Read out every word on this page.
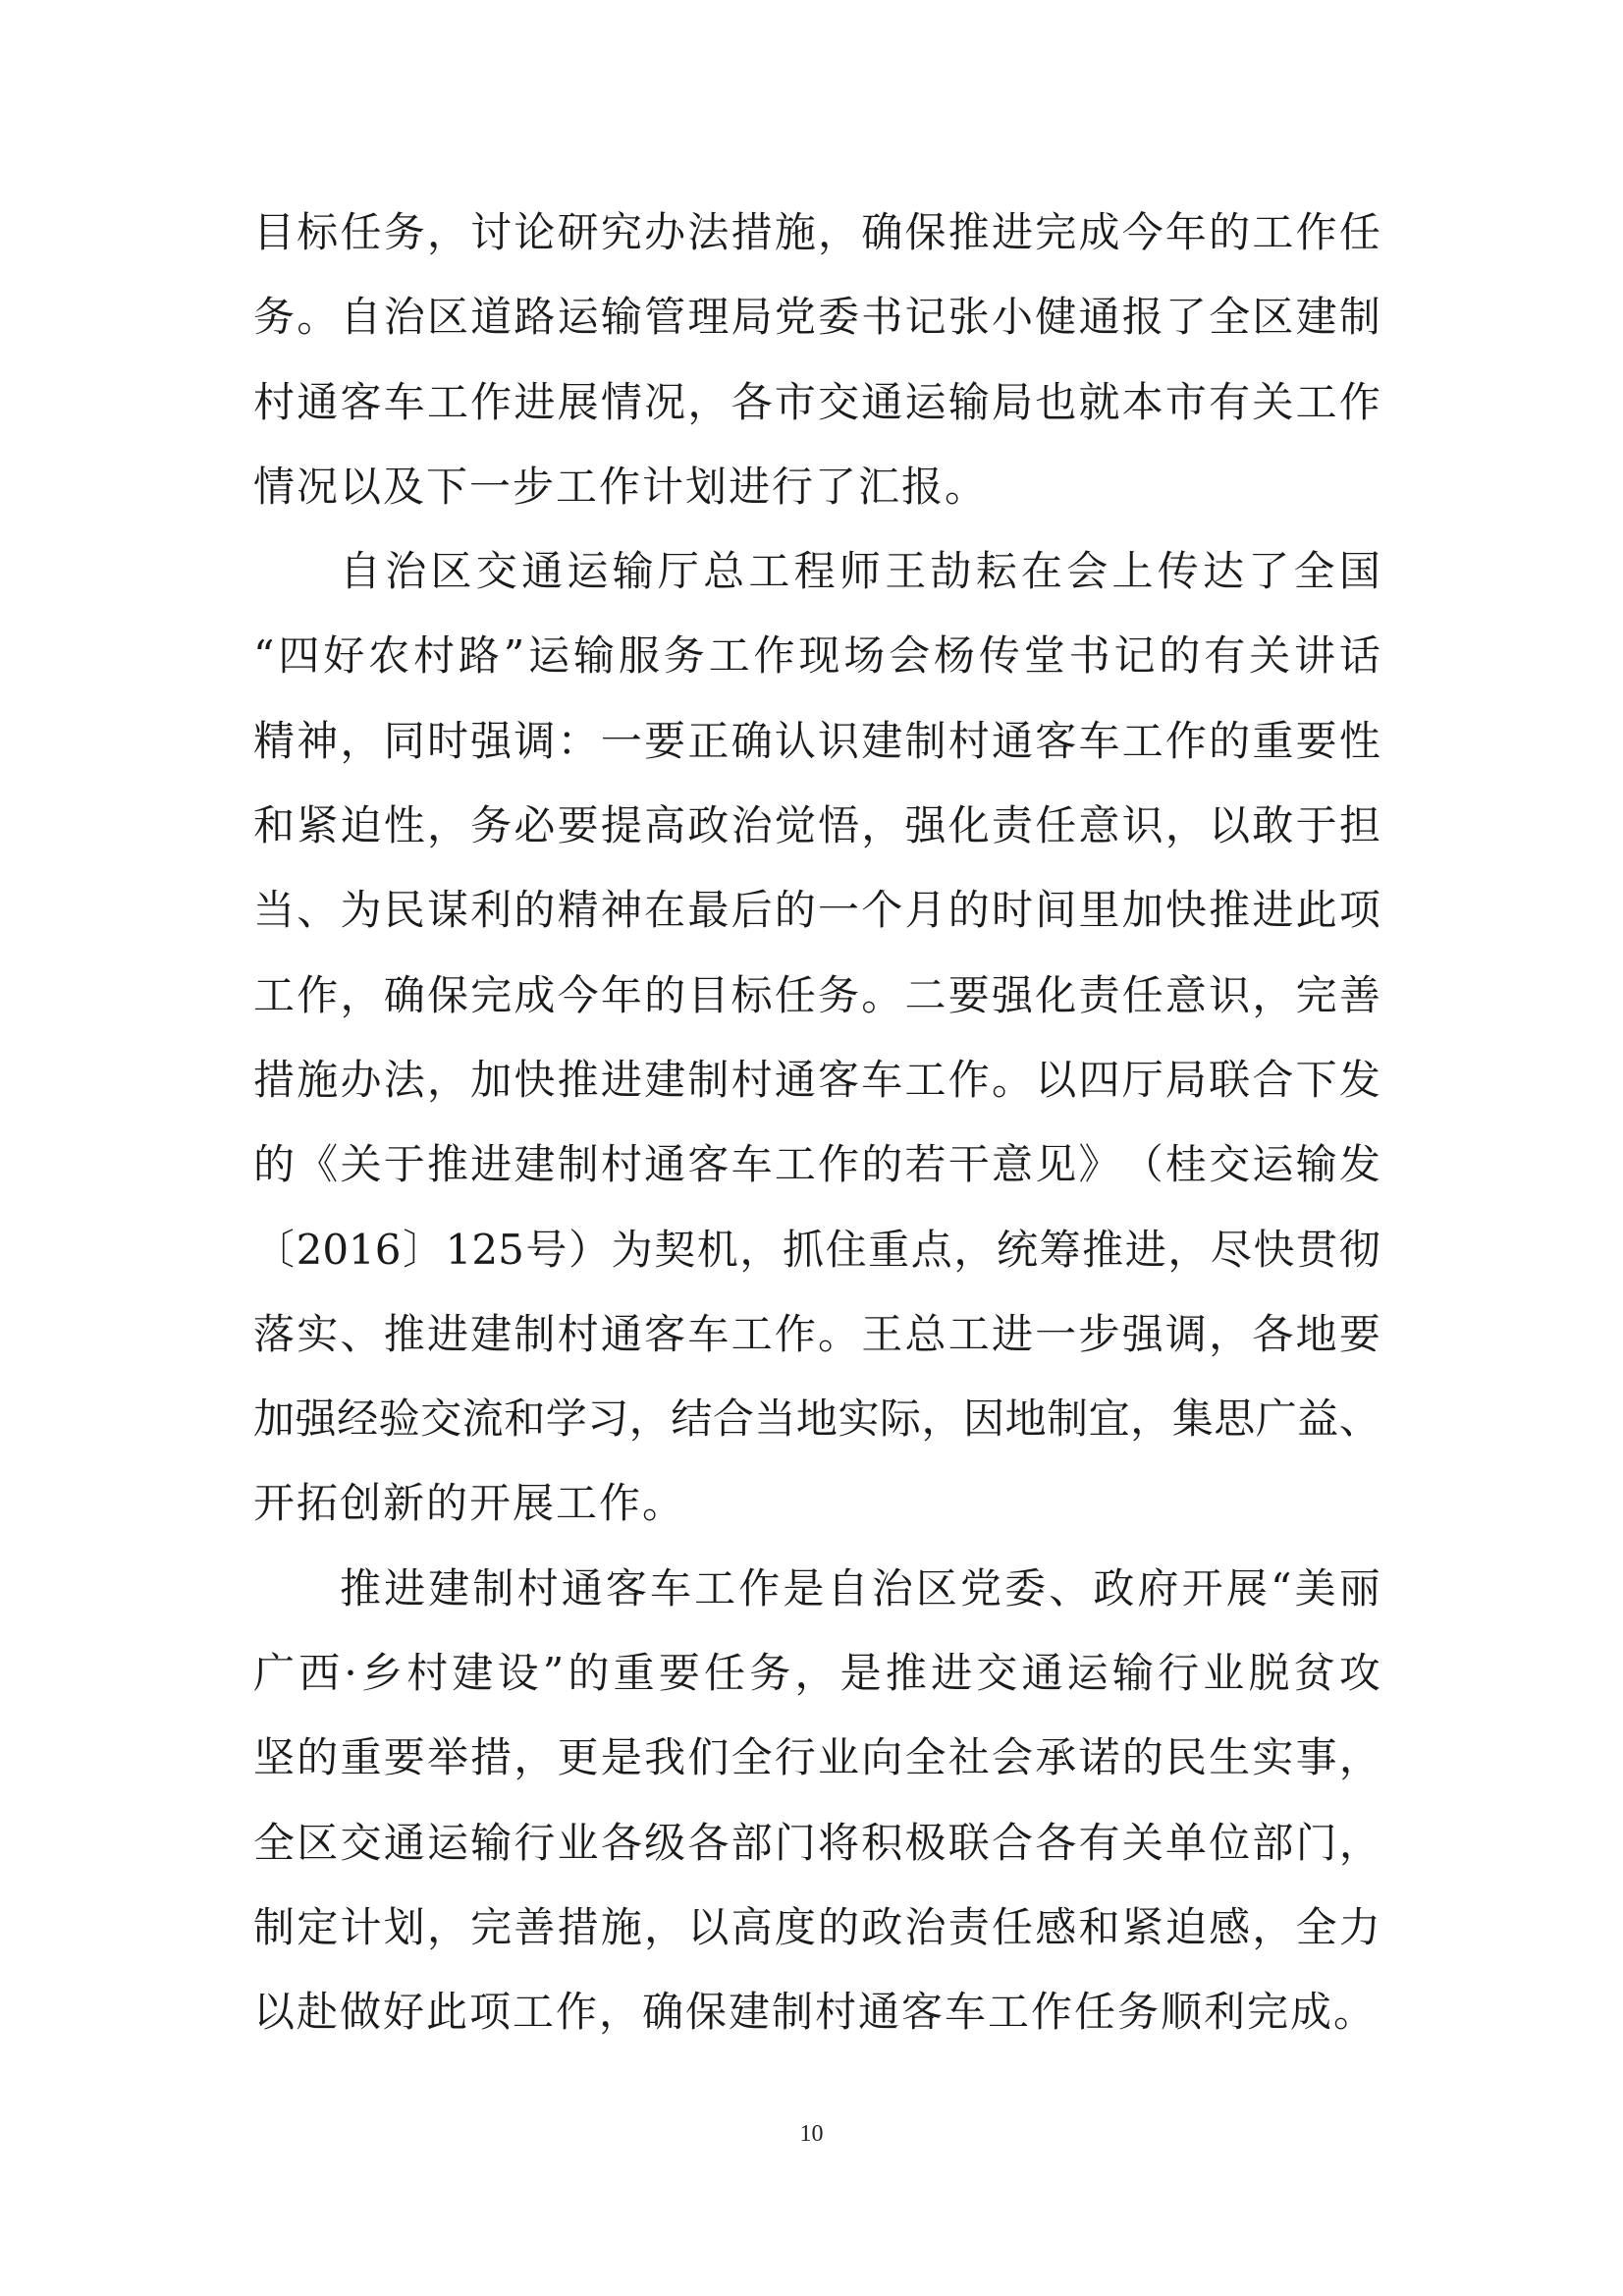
目 标 任 务 ， 讨 论 研 究 办 法 措 施 ， 确 保 推 进 完 成 今 年 的 工 作 任
务 。 自 治 区 道 路 运 输 管 理 局 党 委 书 记 张 小 健 通 报 了 全 区 建 制
村 通 客 车 工 作 进 展 情 况 ， 各 市 交 通 运 输 局 也 就 本 市 有 关 工 作
情况以及下一步工作计划进行了汇报。
自 治 区 交 通 运 输 厅 总 工 程 师 王 劼 耘 在 会 上 传 达 了 全 国
“ 四 好 农 村 路 ” 运 输 服 务 工 作 现 场 会 杨 传 堂 书 记 的 有 关 讲 话
精 神 ， 同 时 强 调 ： 一 要 正 确 认 识 建 制 村 通 客 车 工 作 的 重 要 性
和 紧 迫 性 ， 务 必 要 提 高 政 治 觉 悟 ， 强 化 责 任 意 识 ， 以 敢 于 担
当 、 为 民 谋 利 的 精 神 在 最 后 的 一 个 月 的 时 间 里 加 快 推 进 此 项
工 作 ， 确 保 完 成 今 年 的 目 标 任 务 。 二 要 强 化 责 任 意 识 ， 完 善
措 施 办 法 ， 加 快 推 进 建 制 村 通 客 车 工 作 。 以 四 厅 局 联 合 下 发
的 《 关 于 推 进 建 制 村 通 客 车 工 作 的 若 干 意 见 》 （ 桂 交 运 输 发
〔 2016 〕 125 号 ） 为 契 机 ， 抓 住 重 点 ， 统 筹 推 进 ， 尽 快 贯 彻
落 实 、 推 进 建 制 村 通 客 车 工 作 。 王 总 工 进 一 步 强 调 ， 各 地 要
加 强 经 验 交 流 和 学 习 ， 结 合 当 地 实 际 ， 因 地 制 宜 ， 集 思 广 益 、
开拓创新的开展工作。
推 进 建 制 村 通 客 车 工 作 是 自 治 区 党 委 、 政 府 开 展 “ 美 丽
广 西 · 乡 村 建 设 ” 的 重 要 任 务 ， 是 推 进 交 通 运 输 行 业 脱 贫 攻
坚 的 重 要 举 措 ， 更 是 我 们 全 行 业 向 全 社 会 承 诺 的 民 生 实 事 ，
全 区 交 通 运 输 行 业 各 级 各 部 门 将 积 极 联 合 各 有 关 单 位 部 门 ，
制 定 计 划 ， 完 善 措 施 ， 以 高 度 的 政 治 责 任 感 和 紧 迫 感 ， 全 力
以赴做好此项工作，确保建制村通客车工作任务顺利完成。
10
